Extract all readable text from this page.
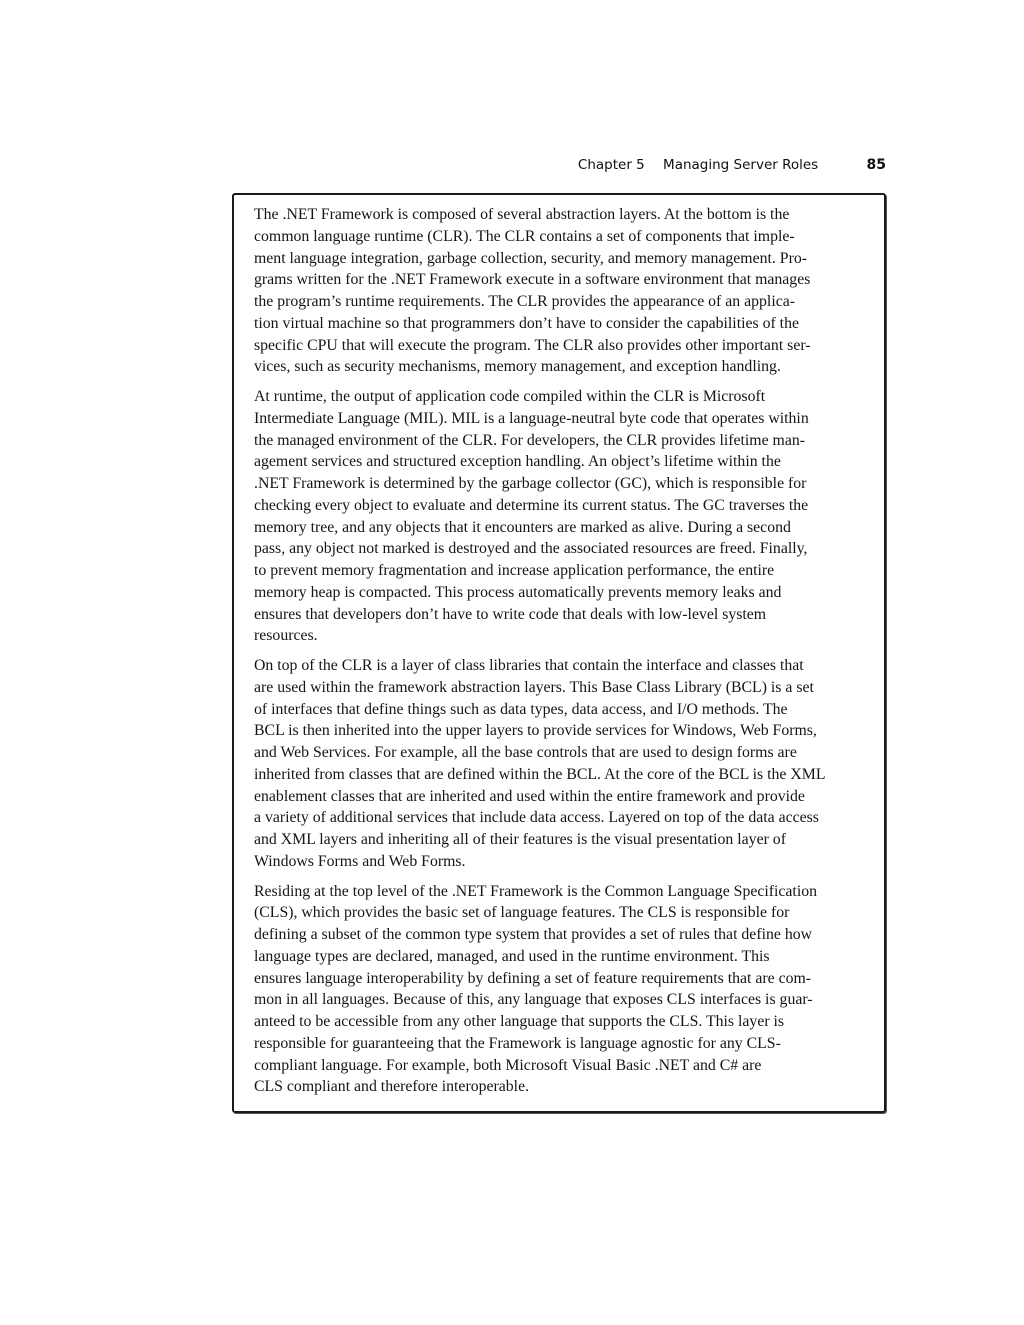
Chapter 5 Managing Server Roles	85

The .NET Framework is composed of several abstraction layers. At the bottom is the
common language runtime (CLR). The CLR contains a set of components that imple-
ment language integration, garbage collection, security, and memory management. Pro-
grams written for the .NET Framework execute in a software environment that manages
the program’s runtime requirements. The CLR provides the appearance of an applica-
tion virtual machine so that programmers don’t have to consider the capabilities of the
specific CPU that will execute the program. The CLR also provides other important ser-
vices, such as security mechanisms, memory management, and exception handling.

At runtime, the output of application code compiled within the CLR is Microsoft
Intermediate Language (MIL). MIL is a language-neutral byte code that operates within
the managed environment of the CLR. For developers, the CLR provides lifetime man-
agement services and structured exception handling. An object’s lifetime within the
.NET Framework is determined by the garbage collector (GC), which is responsible for
checking every object to evaluate and determine its current status. The GC traverses the
memory tree, and any objects that it encounters are marked as alive. During a second
pass, any object not marked is destroyed and the associated resources are freed. Finally,
to prevent memory fragmentation and increase application performance, the entire
memory heap is compacted. This process automatically prevents memory leaks and
ensures that developers don’t have to write code that deals with low-level system
resources.

On top of the CLR is a layer of class libraries that contain the interface and classes that
are used within the framework abstraction layers. This Base Class Library (BCL) is a set
of interfaces that define things such as data types, data access, and I/O methods. The
BCL is then inherited into the upper layers to provide services for Windows, Web Forms,
and Web Services. For example, all the base controls that are used to design forms are
inherited from classes that are defined within the BCL. At the core of the BCL is the XML
enablement classes that are inherited and used within the entire framework and provide
a variety of additional services that include data access. Layered on top of the data access
and XML layers and inheriting all of their features is the visual presentation layer of
Windows Forms and Web Forms.

Residing at the top level of the .NET Framework is the Common Language Specification
(CLS), which provides the basic set of language features. The CLS is responsible for
defining a subset of the common type system that provides a set of rules that define how
language types are declared, managed, and used in the runtime environment. This
ensures language interoperability by defining a set of feature requirements that are com-
mon in all languages. Because of this, any language that exposes CLS interfaces is guar-
anteed to be accessible from any other language that supports the CLS. This layer is
responsible for guaranteeing that the Framework is language agnostic for any CLS-
compliant language. For example, both Microsoft Visual Basic .NET and C# are
CLS compliant and therefore interoperable.
